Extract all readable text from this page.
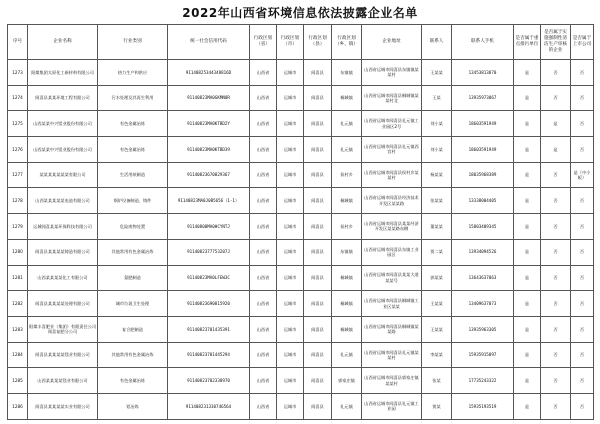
2022年山西省环境信息依法披露企业名单
序号	企业名称	行业类别	统一社会信用代码	行政区划（省）	行政区划（市）	行政区划（县）	行政区划（乡、镇）	企业地址	联系人	联系人手机	是否属于重点排污单位	是否属于实施强制性清洁生产审核的企业	是否属于上市公司
1273	阳煤集团太原化工新材料有限公司	热力生产和供应	91140825344348816D	山西省	运城市	闻喜县	东镇镇	山西省运城市闻喜县东镇镇某某村	王某某	13453813870	是	否	否
1274	闻喜县某某环境工程有限公司	污水处理及其再生利用	91140823MA0GKMN0R	山西省	运城市	闻喜县	桐城镇	山西省运城市闻喜县桐城镇某某村北	王某	13935973067	是	否	否
1275	山西某某中兴镁业股份有限公司	有色金属冶炼	91140823MA0KTBD2Y	山西省	运城市	闻喜县	礼元镇	山西省运城市闻喜县礼元镇工业园区2号	刘小某	18603591949	是	是	否
1276	山西某某中兴镁业股份有限公司	有色金属冶炼	91140823MA0KTBD39	山西省	运城市	闻喜县	礼元镇	山西省运城市闻喜县礼元镇西宫村	刘小某	18603591949	是	是	否
1277	某某某某某某某有限公司	生活用纸制造	91140823670829367	山西省	运城市	闻喜县	侯村乡	山西省运城市闻喜县侯村乡某某村	杨某某	18035968389	是	否	是（中小板）
1278	山西某某某某某电池有限公司	锅炉设备制造、铸件	91140823MA0J0B5656（1-1）	山西省	运城市	闻喜县	桐城镇	山西省运城市闻喜县经济技术开发区某某路	张某某	13338004405	是	否	否
1279	运城闻喜某某环保科技有限公司	危险废物处置	91140800MA0HCYNTJ	山西省	运城市	闻喜县	侯村乡	山西省运城市闻喜县某某经济开发区某某路东侧	董某某	15803409345	是	否	否
1280	闻喜县某某某某铸造有限公司	其他常用有色金属冶炼	9114082377753207J	山西省	运城市	闻喜县	东镇镇	山西省运城市闻喜县东镇工业园区	贾二某	13934094526	是	否	否
1281	山西某某某某化工有限公司	氮肥制造	91140823MA0LFEW3C	山西省	运城市	闻喜县	桐城镇	山西省运城市闻喜县某某大道某某号	郭某某	13643637063	是	否	否
1282	闻喜县某某某某处理有限公司	城市垃圾卫生处理	91140823690815920	山西省	运城市	闻喜县	桐城镇	山西省运城市闻喜县桐城镇工业区某某	王某某	13409637073	是	否	否
1283	阳煤丰喜肥业（集团）有限责任公司闻喜复肥分公司	复合肥制造	91140823701435391	山西省	运城市	闻喜县	桐城镇	山西省运城市闻喜县桐城镇某某路	王某某	13935963305	是	否	否
1284	闻喜县某某某某镁业有限公司	其他常用有色金属冶炼	91140823701445294	山西省	运城市	闻喜县	礼元镇	山西省运城市闻喜县礼元镇某某村	李某某	15935915097	是	否	否
1285	山西某某某某镁业有限公司	有色金属冶炼	91140823702338970	山西省	运城市	闻喜县	郭家庄镇	山西省运城市闻喜县郭家庄镇某某村	张某	17735243322	是	否	否
1286	闻喜县某某某某实业有限公司	铝冶炼	911408231330746564	山西省	运城市	闻喜县	礼元镇	山西省运城市闻喜县礼元镇工业园	贾某	15935193519	是	否	否
